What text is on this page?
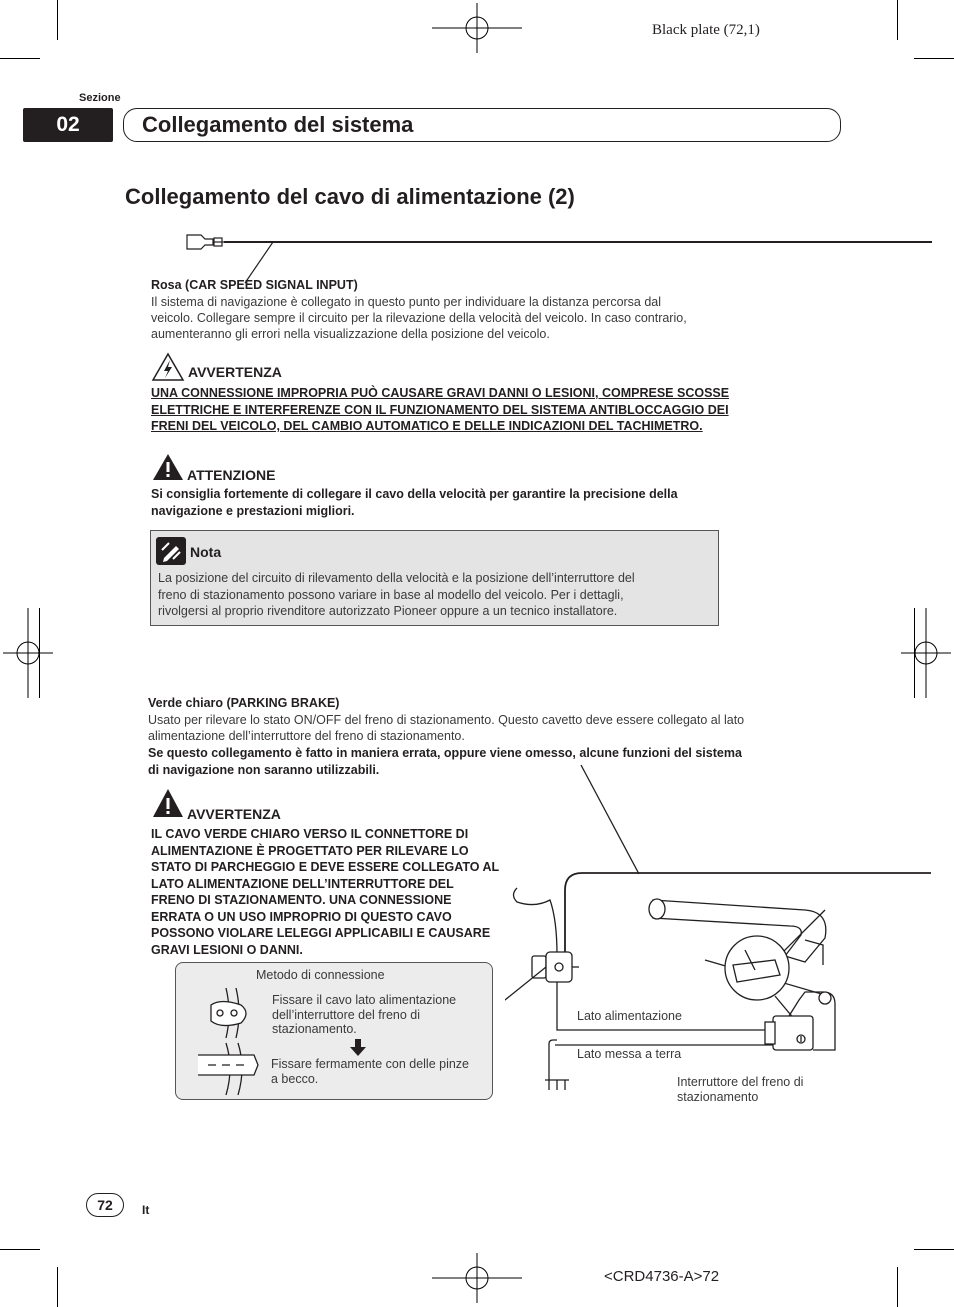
Black plate (72,1)
Sezione
02	Collegamento del sistema
Collegamento del cavo di alimentazione (2)
Rosa (CAR SPEED SIGNAL INPUT)
Il sistema di navigazione è collegato in questo punto per individuare la distanza percorsa dal
veicolo. Collegare sempre il circuito per la rilevazione della velocità del veicolo. In caso contrario,
aumenteranno gli errori nella visualizzazione della posizione del veicolo.
AVVERTENZA
UNA CONNESSIONE IMPROPRIA PUÒ CAUSARE GRAVI DANNI O LESIONI, COMPRESE SCOSSE
ELETTRICHE E INTERFERENZE CON IL FUNZIONAMENTO DEL SISTEMA ANTIBLOCCAGGIO DEI
FRENI DEL VEICOLO, DEL CAMBIO AUTOMATICO E DELLE INDICAZIONI DEL TACHIMETRO.
ATTENZIONE
Si consiglia fortemente di collegare il cavo della velocità per garantire la precisione della
navigazione e prestazioni migliori.
Nota
La posizione del circuito di rilevamento della velocità e la posizione dell’interruttore del
freno di stazionamento possono variare in base al modello del veicolo. Per i dettagli,
rivolgersi al proprio rivenditore autorizzato Pioneer oppure a un tecnico installatore.
Verde chiaro (PARKING BRAKE)
Usato per rilevare lo stato ON/OFF del freno di stazionamento. Questo cavetto deve essere collegato al lato
alimentazione dell’interruttore del freno di stazionamento.
Se questo collegamento è fatto in maniera errata, oppure viene omesso, alcune funzioni del sistema
di navigazione non saranno utilizzabili.
AVVERTENZA
IL CAVO VERDE CHIARO VERSO IL CONNETTORE DI
ALIMENTAZIONE È PROGETTATO PER RILEVARE LO
STATO DI PARCHEGGIO E DEVE ESSERE COLLEGATO AL
LATO ALIMENTAZIONE DELL’INTERRUTTORE DEL
FRENO DI STAZIONAMENTO. UNA CONNESSIONE
ERRATA O UN USO IMPROPRIO DI QUESTO CAVO
POSSONO VIOLARE LELEGGI APPLICABILI E CAUSARE
GRAVI LESIONI O DANNI.
Metodo di connessione
Fissare il cavo lato alimentazione
dell’interruttore del freno di
stazionamento.
Fissare fermamente con delle pinze
a becco.
Lato alimentazione
Lato messa a terra
Interruttore del freno di
stazionamento
72	It
<CRD4736-A>72
